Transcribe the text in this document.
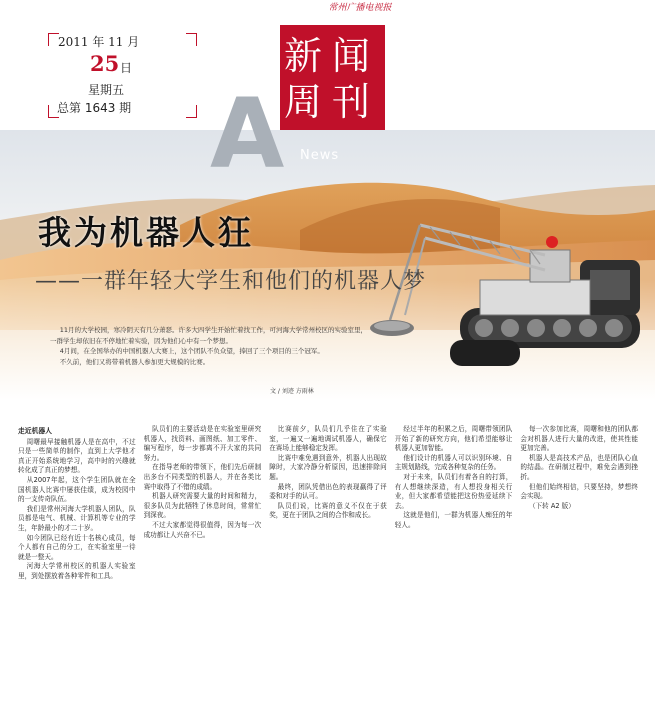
常州广播电视报
2011 年 11 月
25 日
星期五
总第 1643 期
新 闻
周 刊
A News
我为机器人狂
——一群年轻大学生和他们的机器人梦

11月的大学校园，寒冷阴天有几分萧瑟。许多大四学生开始忙着找工作，可河海大学常州校区的实验室里，一群学生却依旧在不停地忙着实验，因为他们心中有一个梦想。

4月间，在全国举办的中国机器人大赛上，这个团队不负众望，捧回了三个项目的三个冠军。

不久前，他们又将带着机器人参加更大规模的比赛。

文 / 刘迹 方雨林
走近机器人

周曙最早接触机器人是在高中，不过只是一些简单的制作，直到上大学他才真正开始系统地学习，高中时的兴趣就转化成了真正的梦想。

从2007年起，这个学生团队就在全国机器人比赛中屡获佳绩，成为校园中的一支传奇队伍。

我们是常州河海大学机器人团队，队员都是电气、机械、计算机等专业的学生，年龄最小的才二十岁。

如今团队已经有近十名核心成员，每个人都有自己的分工，在实验室里一待就是一整天。

河海大学常州校区的机器人实验室里，到处摆放着各种零件和工具。

队员们的主要活动是在实验室里研究机器人，找资料、画图纸、加工零件、编写程序，每一步都离不开大家的共同努力。

在指导老师的带领下，他们先后研制出多台不同类型的机器人，并在各类比赛中取得了不错的成绩。

机器人研究需要大量的时间和精力，很多队员为此牺牲了休息时间，常常忙到深夜。

不过大家都觉得很值得，因为每一次成功都让人兴奋不已。

比赛前夕，队员们几乎住在了实验室，一遍又一遍地调试机器人，确保它在赛场上能够稳定发挥。

比赛中难免遇到意外，机器人出现故障时，大家冷静分析原因，迅速排除问题。

最终，团队凭借出色的表现赢得了评委和对手的认可。

队员们说，比赛的意义不仅在于获奖，更在于团队之间的合作和成长。

经过半年的积累之后，周曙带领团队开始了新的研究方向，他们希望能够让机器人更加智能。

他们设计的机器人可以识别环境、自主规划路线，完成各种复杂的任务。

对于未来，队员们有着各自的打算，有人想继续深造，有人想投身相关行业，但大家都希望能把这份热爱延续下去。

这就是他们，一群为机器人痴狂的年轻人。

每一次参加比赛，周曙和他的团队都会对机器人进行大量的改进，使其性能更加完善。

机器人是高技术产品，也是团队心血的结晶。在研制过程中，难免会遇到挫折。

但他们始终相信，只要坚持，梦想终会实现。

（下转 A2 版）
